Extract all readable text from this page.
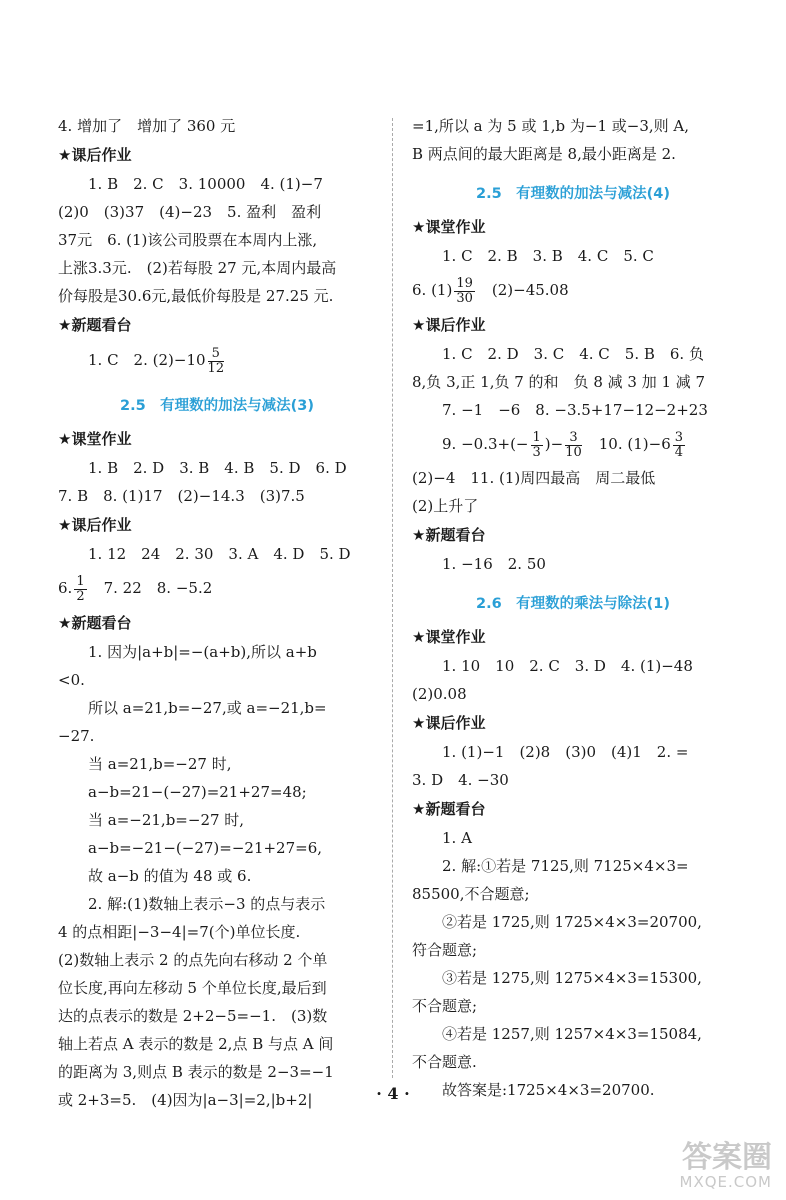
4. 增加了　增加了 360 元
★课后作业
1. B　2. C　3. 10000　4. (1)−7
(2)0　(3)37　(4)−23　5. 盈利　盈利
37元　6. (1)该公司股票在本周内上涨,
上涨3.3元.　(2)若每股 27 元,本周内最高
价每股是30.6元,最低价每股是 27.25 元.
★新题看台
1. C　2. $(2)-10 \frac{5}{12}$
2.5　有理数的加法与减法(3)
★课堂作业
1. B　2. D　3. B　4. B　5. D　6. D
7. B　8. (1)17　(2)−14.3　(3)7.5
★课后作业
1. 12　24　2. 30　3. A　4. D　5. D
6. $\frac{1}{2}$ 　7. 22　8. −5.2
★新题看台
1. 因为|a+b|=−(a+b),所以 a+b
<0.
所以 a=21,b=−27,或 a=−21,b=
−27.
当 a=21,b=−27 时,
a−b=21−(−27)=21+27=48;
当 a=−21,b=−27 时,
a−b=−21−(−27)=−21+27=6,
故 a−b 的值为 48 或 6.
2. 解:(1)数轴上表示−3 的点与表示
4 的点相距|−3−4|=7(个)单位长度.
(2)数轴上表示 2 的点先向右移动 2 个单
位长度,再向左移动 5 个单位长度,最后到
达的点表示的数是 2+2−5=−1.　(3)数
轴上若点 A 表示的数是 2,点 B 与点 A 间
的距离为 3,则点 B 表示的数是 2−3=−1
或 2+3=5.　(4)因为|a−3|=2,|b+2|
=1,所以 a 为 5 或 1,b 为−1 或−3,则 A,
B 两点间的最大距离是 8,最小距离是 2.
2.5　有理数的加法与减法(4)
★课堂作业
1. C　2. B　3. B　4. C　5. C
6. $(1) \frac{19}{30}$ 　(2)−45.08
★课后作业
1. C　2. D　3. C　4. C　5. B　6. 负
8,负 3,正 1,负 7 的和　负 8 减 3 加 1 减 7
7. −1　−6　8. −3.5+17−12−2+23
9. $-0.3+(- \frac{1}{3}$ )− $\frac{3}{10}$ 　10. $(1)-6 \frac{3}{4}$
(2)−4　11. (1)周四最高　周二最低
(2)上升了
★新题看台
1. −16　2. 50
2.6　有理数的乘法与除法(1)
★课堂作业
1. 10　10　2. C　3. D　4. (1)−48
(2)0.08
★课后作业
1. (1)−1　(2)8　(3)0　(4)1　2. =
3. D　4. −30
★新题看台
1. A
2. 解:①若是 7125,则 7125×4×3=
85500,不合题意;
②若是 1725,则 1725×4×3=20700,
符合题意;
③若是 1275,则 1275×4×3=15300,
不合题意;
④若是 1257,则 1257×4×3=15084,
不合题意.
故答案是:1725×4×3=20700.
· 4 ·
答案圈
MXQE.COM
